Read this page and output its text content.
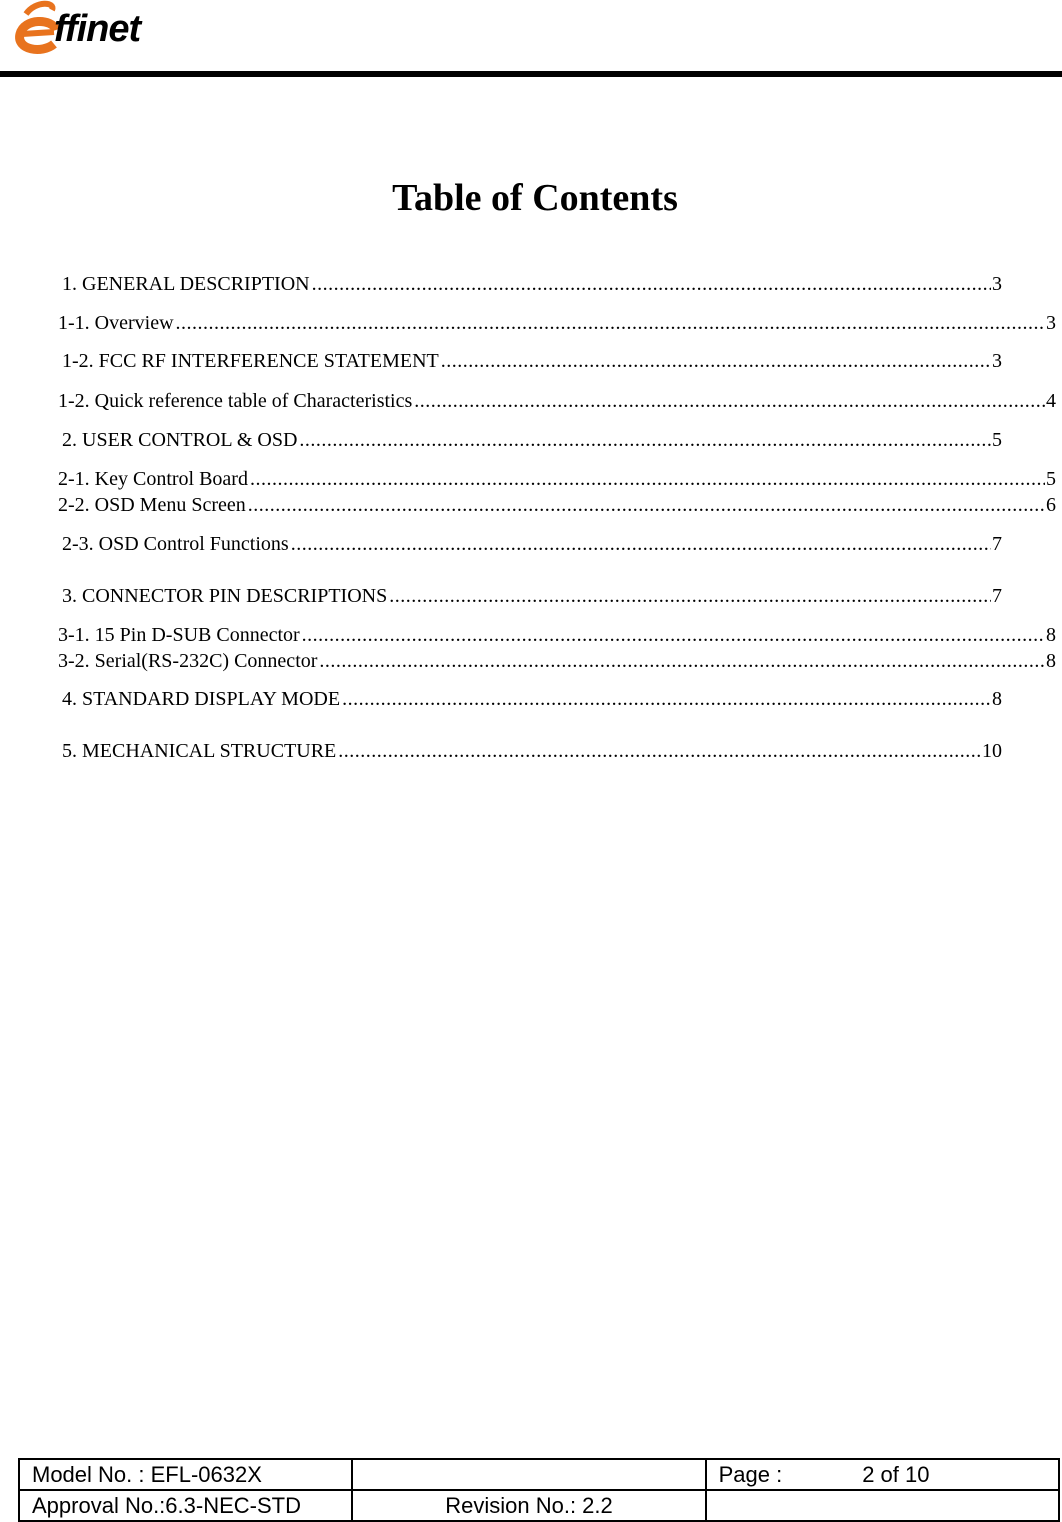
ffinet
Table of Contents
1. GENERAL DESCRIPTION .....	3
1-1. Overview .....	3
1-2. FCC RF INTERFERENCE STATEMENT .....	3
1-2. Quick reference table of Characteristics .....	4
2. USER CONTROL & OSD .....	5
2-1. Key Control Board .....	5
2-2. OSD Menu Screen .....	6
2-3. OSD Control Functions .....	7
3. CONNECTOR PIN DESCRIPTIONS .....	7
3-1. 15 Pin D-SUB Connector .....	8
3-2. Serial(RS-232C) Connector .....	8
4. STANDARD DISPLAY MODE .....	8
5. MECHANICAL STRUCTURE .....	10
Model No. : EFL-0632X		Page : 2 of 10
Approval No.:6.3-NEC-STD	Revision No.: 2.2	
